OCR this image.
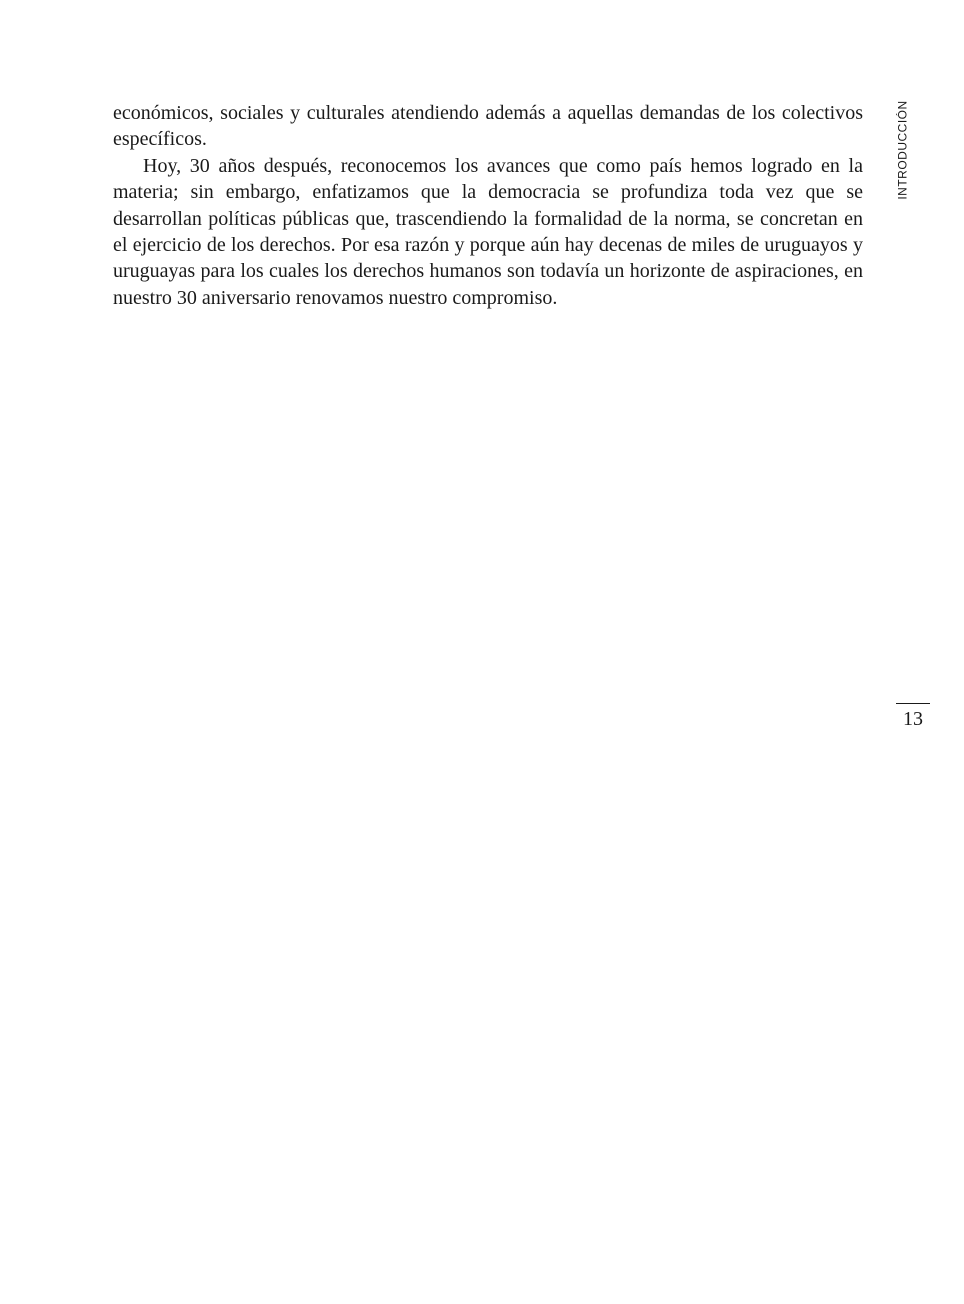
económicos, sociales y culturales atendiendo además a aquellas demandas de los colectivos específicos.

Hoy, 30 años después, reconocemos los avances que como país hemos logrado en la materia; sin embargo, enfatizamos que la democracia se profundiza toda vez que se desarrollan políticas públicas que, trascendiendo la formalidad de la norma, se concretan en el ejercicio de los derechos. Por esa razón y porque aún hay decenas de miles de uruguayos y uruguayas para los cuales los derechos humanos son todavía un horizonte de aspiraciones, en nuestro 30 aniversario renovamos nuestro compromiso.

INTRODUCCIÓN
13
